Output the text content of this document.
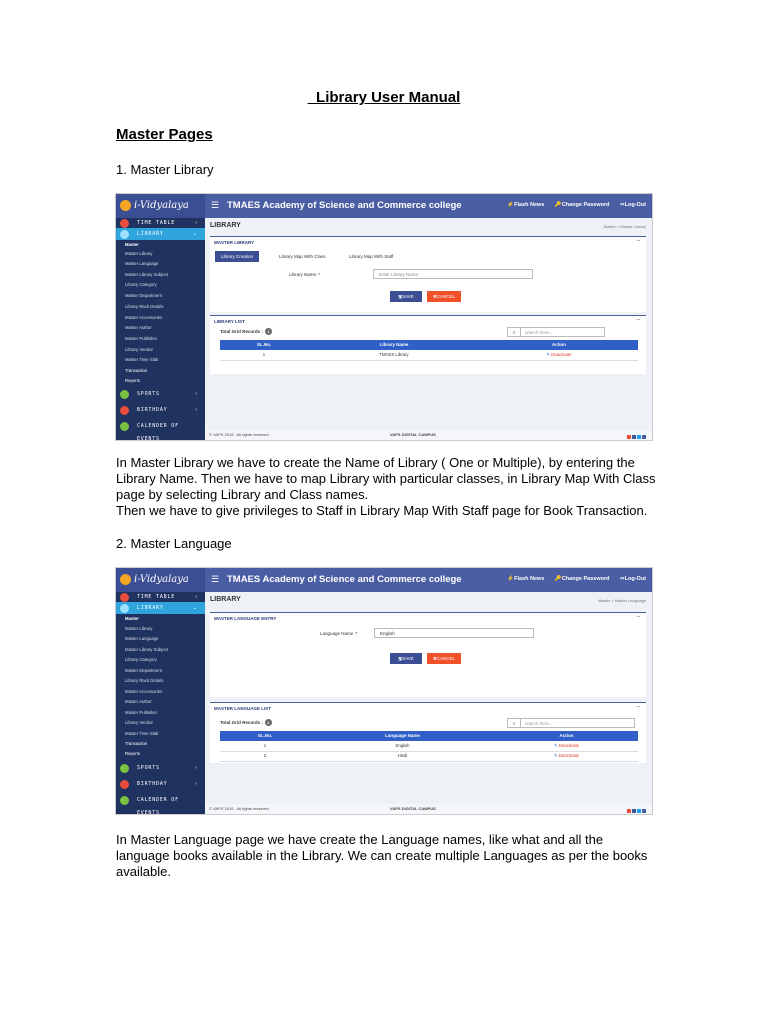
_Library User Manual
Master Pages
1. Master Library
i-Vidyalaya	☰ TMAES Academy of Science and Commerce college	⚡Flash News 🔑Change Password ⇨Log-Out
TIME TABLE	‹
LIBRARY	⌄
Master
Master Library
Master Language
Master Library Subject
Library Category
Master Department
Library Rack Details
Master Accessories
Master Author
Master Publisher
Library Vendor
Master Time Slab
Transaction
Reports
SPORTS	‹
BIRTHDAY	‹
CALENDER OF EVENTS
LIBRARY	Master > Master Library
MASTER LIBRARY	–
Library Creation	Library Map With Class	Library Map With Staff
Library Name :*	Enter Library Name
🖫SAVE	✖CANCEL
LIBRARY LIST	–
Total Grid Records : 1	⌕ search here...
SL.No.	Library Name	Action
1	TMAES Library	✎ Deactivate
© VAPS 2019 . All rights reserved	VAPS DIGITAL CAMPUS
In Master Library we have to create the Name of Library ( One or Multiple), by entering the Library Name. Then we have to map Library with particular classes, in Library Map With Class page by selecting Library and Class names.
Then we have to give privileges to Staff in Library Map With Staff page for Book Transaction.
2. Master Language
i-Vidyalaya	☰ TMAES Academy of Science and Commerce college	⚡Flash News 🔑Change Password ⇨Log-Out
TIME TABLE	‹
LIBRARY	⌄
Master
Master Library
Master Language
Master Library Subject
Library Category
Master Department
Library Rack Details
Master Accessories
Master Author
Master Publisher
Library Vendor
Master Time Slab
Transaction
Reports
SPORTS	‹
BIRTHDAY	‹
CALENDER OF EVENTS
LIBRARY	Master > Master Language
MASTER LANGUAGE ENTRY	–
Language Name :*	English
🖫SAVE	✖CANCEL
MASTER LANGUAGE LIST	–
Total Grid Records : 2	⌕ search here...
SL.No.	Language Name	Action
1	English	✎ Deactivate
2	Hindi	✎ Deactivate
© VAPS 2019 . All rights reserved	VAPS DIGITAL CAMPUS
In Master Language page we have create the Language names, like what and all the language books available in the Library. We can create multiple Languages as per the books available.
